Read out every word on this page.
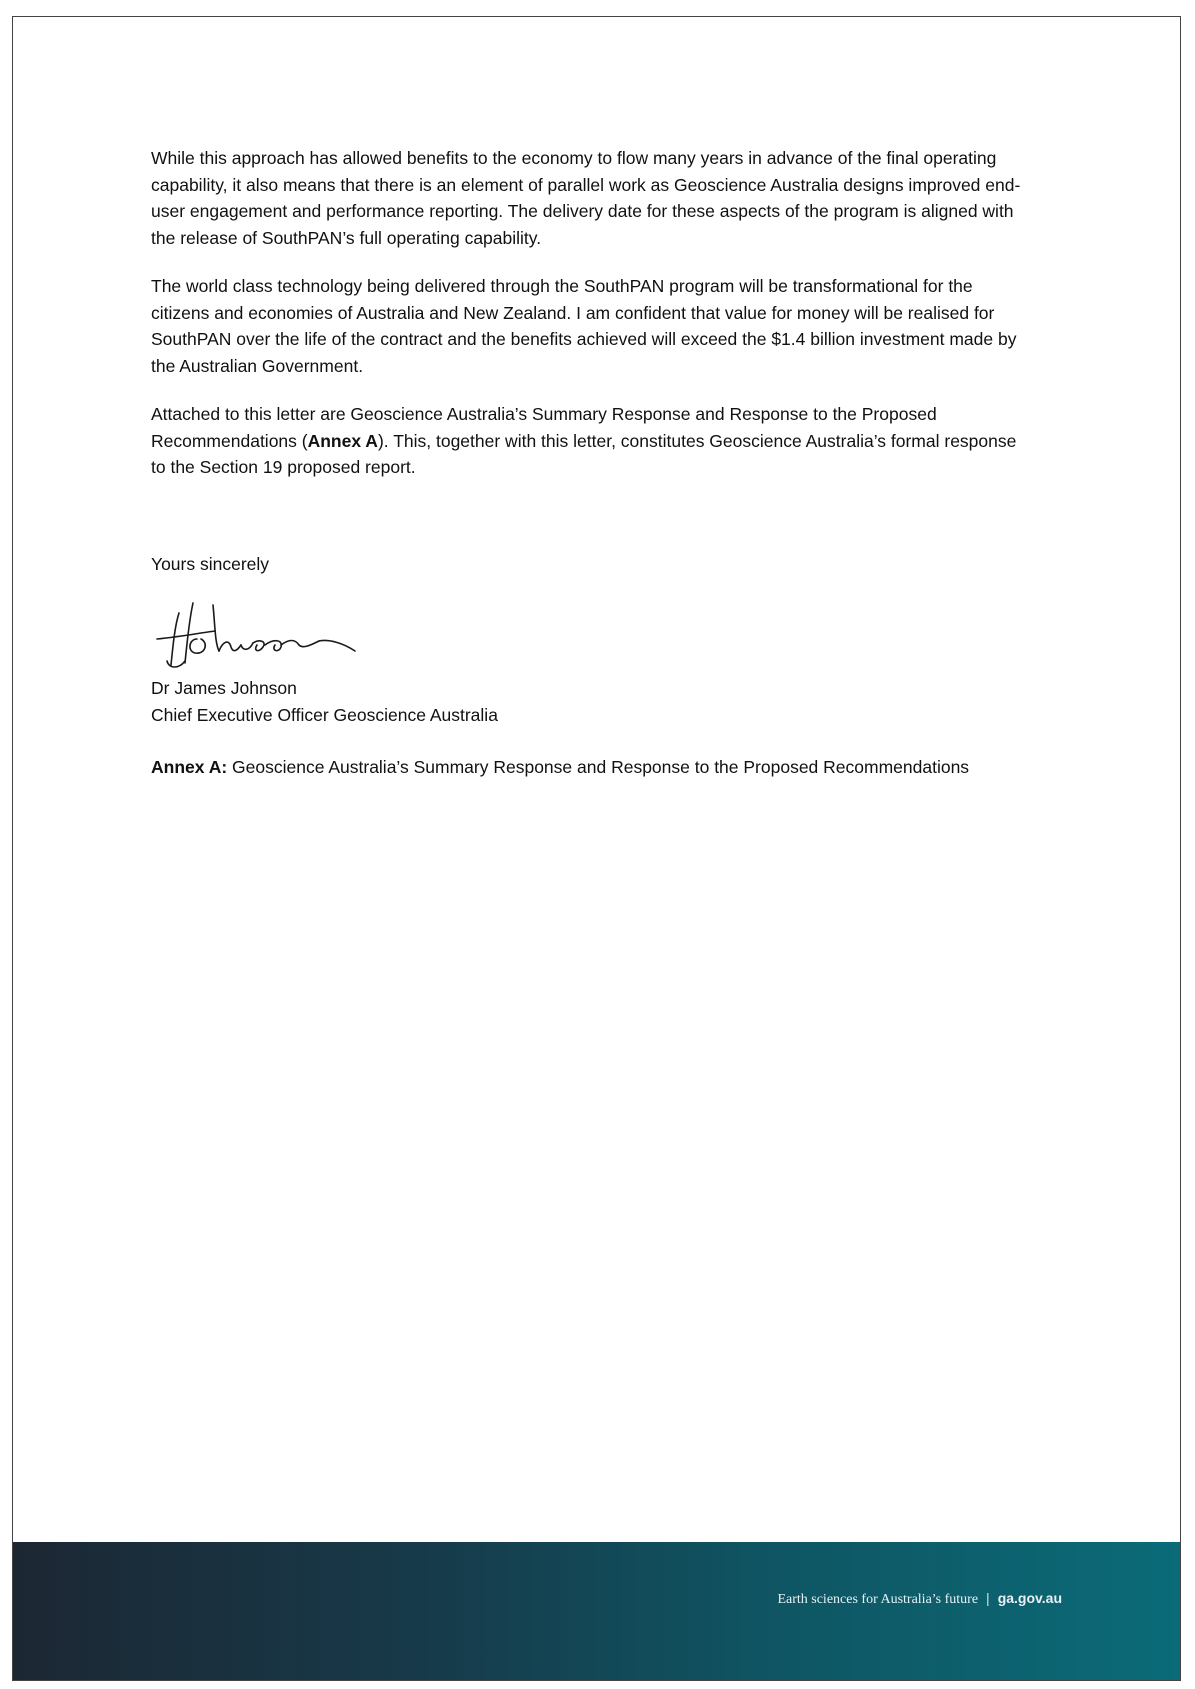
While this approach has allowed benefits to the economy to flow many years in advance of the final operating capability, it also means that there is an element of parallel work as Geoscience Australia designs improved end-user engagement and performance reporting. The delivery date for these aspects of the program is aligned with the release of SouthPAN’s full operating capability.

The world class technology being delivered through the SouthPAN program will be transformational for the citizens and economies of Australia and New Zealand. I am confident that value for money will be realised for SouthPAN over the life of the contract and the benefits achieved will exceed the $1.4 billion investment made by the Australian Government.

Attached to this letter are Geoscience Australia’s Summary Response and Response to the Proposed Recommendations (Annex A). This, together with this letter, constitutes Geoscience Australia’s formal response to the Section 19 proposed report.

Yours sincerely

Dr James Johnson

Chief Executive Officer Geoscience Australia

Annex A: Geoscience Australia’s Summary Response and Response to the Proposed Recommendations

Earth sciences for Australia’s future | ga.gov.au
